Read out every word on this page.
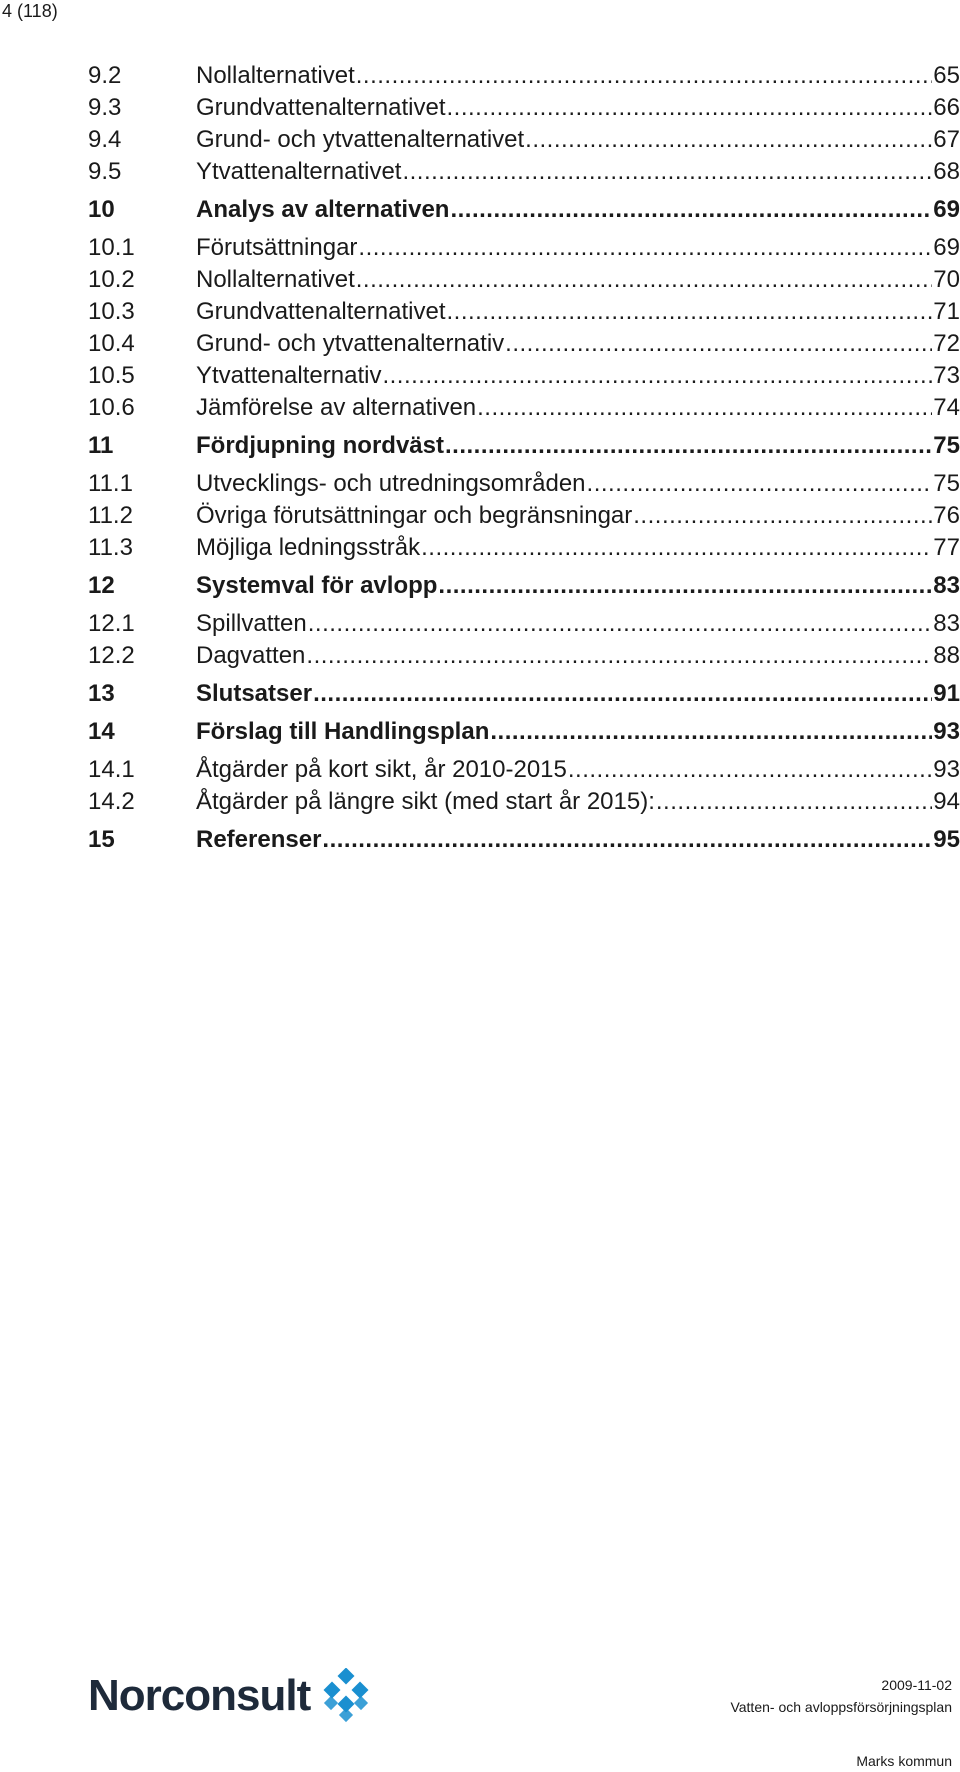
4 (118)
9.2	Nollalternativet .....	65
9.3	Grundvattenalternativet .....	66
9.4	Grund- och ytvattenalternativet .....	67
9.5	Ytvattenalternativet .....	68
10	Analys av alternativen .....	69
10.1	Förutsättningar .....	69
10.2	Nollalternativet .....	70
10.3	Grundvattenalternativet .....	71
10.4	Grund- och ytvattenalternativ .....	72
10.5	Ytvattenalternativ .....	73
10.6	Jämförelse av alternativen .....	74
11	Fördjupning nordväst .....	75
11.1	Utvecklings- och utredningsområden .....	75
11.2	Övriga förutsättningar och begränsningar .....	76
11.3	Möjliga ledningsstråk .....	77
12	Systemval för avlopp .....	83
12.1	Spillvatten .....	83
12.2	Dagvatten .....	88
13	Slutsatser .....	91
14	Förslag till Handlingsplan .....	93
14.1	Åtgärder på kort sikt, år 2010-2015 .....	93
14.2	Åtgärder på längre sikt (med start år 2015): .....	94
15	Referenser .....	95
Norconsult	2009-11-02
Vatten- och avloppsförsörjningsplan
Marks kommun
